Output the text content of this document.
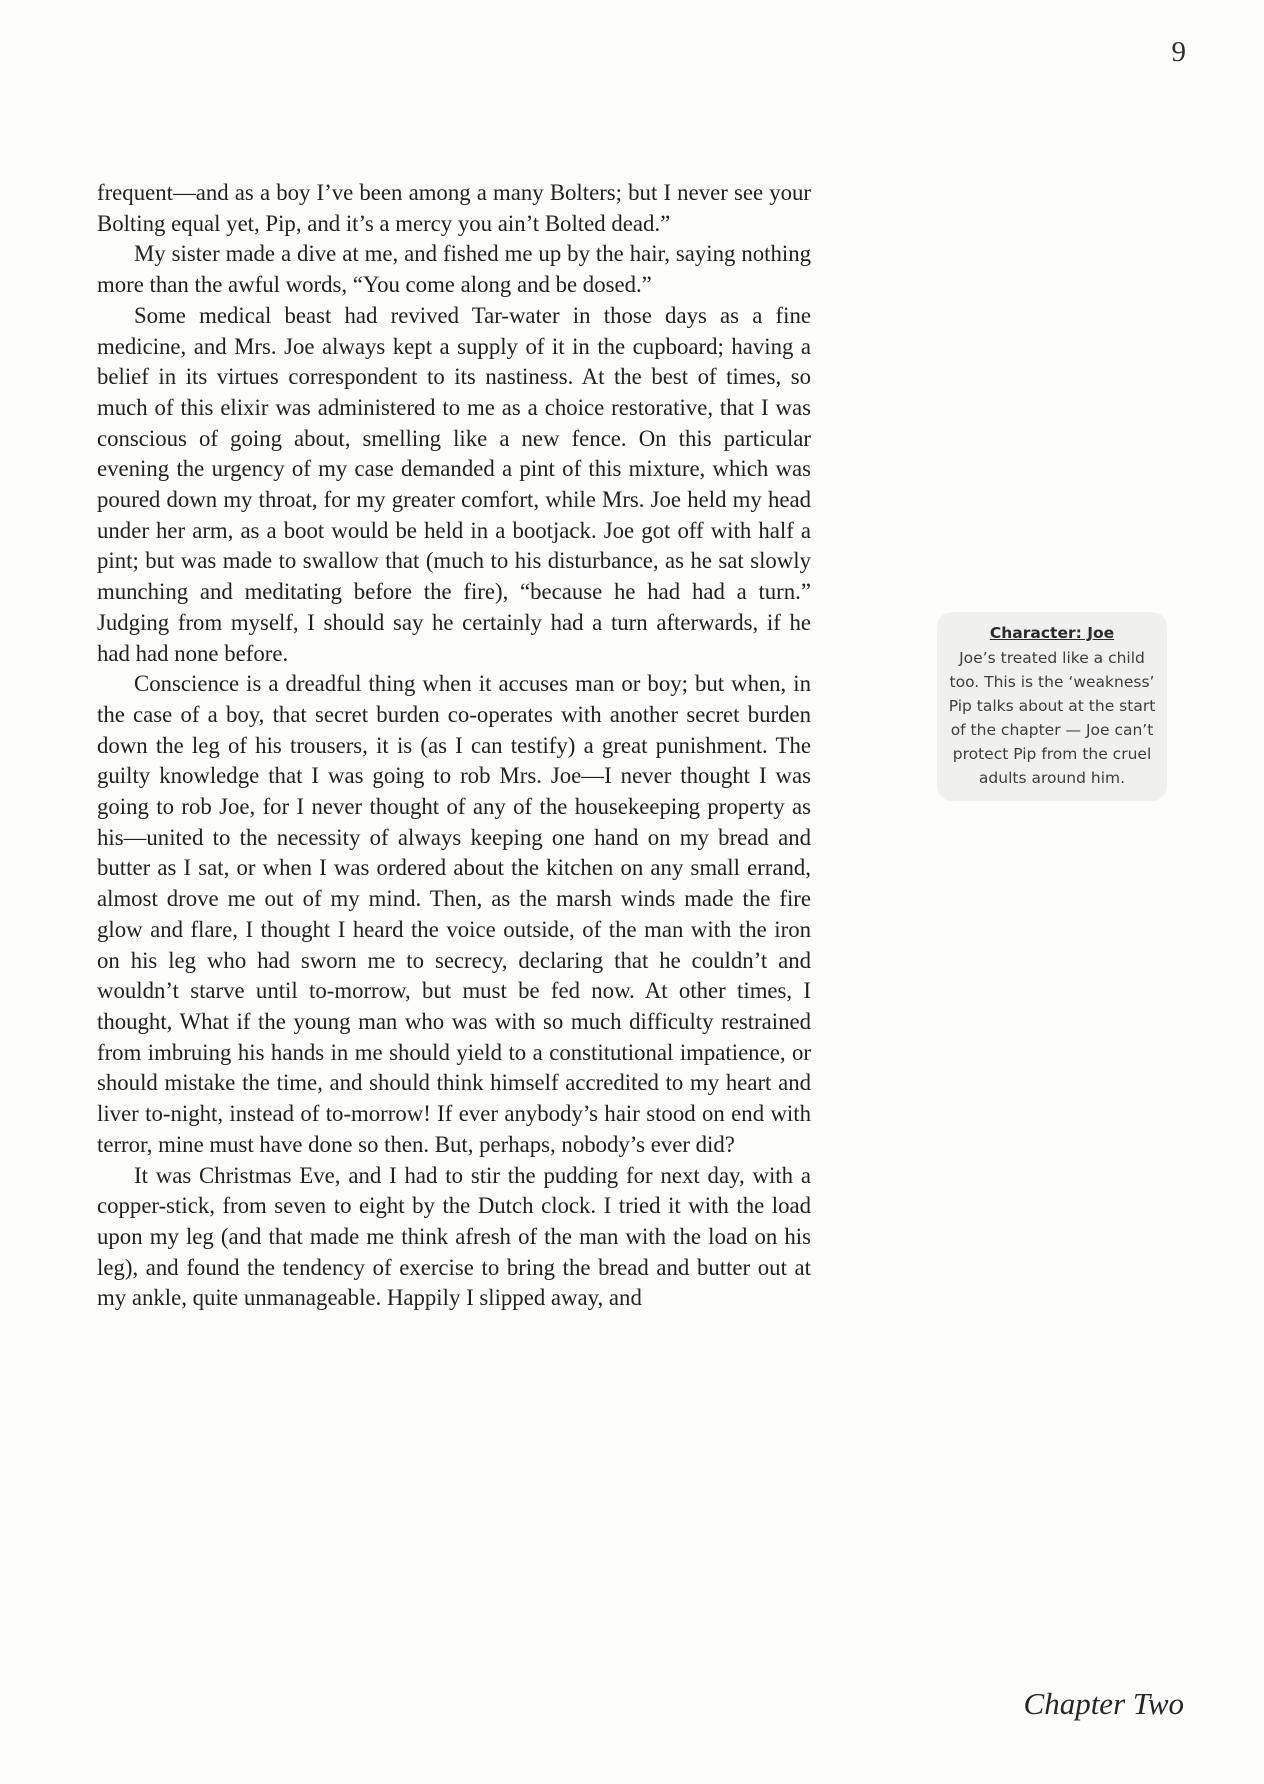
9

frequent—and as a boy I’ve been among a many Bolters; but I never see your Bolting equal yet, Pip, and it’s a mercy you ain’t Bolted dead.”

My sister made a dive at me, and fished me up by the hair, saying nothing more than the awful words, “You come along and be dosed.”

Some medical beast had revived Tar-water in those days as a fine medicine, and Mrs. Joe always kept a supply of it in the cupboard; having a belief in its virtues correspondent to its nastiness. At the best of times, so much of this elixir was administered to me as a choice restorative, that I was conscious of going about, smelling like a new fence. On this particular evening the urgency of my case demanded a pint of this mixture, which was poured down my throat, for my greater comfort, while Mrs. Joe held my head under her arm, as a boot would be held in a bootjack. Joe got off with half a pint; but was made to swallow that (much to his disturbance, as he sat slowly munching and meditating before the fire), “because he had had a turn.” Judging from myself, I should say he certainly had a turn afterwards, if he had had none before.

Conscience is a dreadful thing when it accuses man or boy; but when, in the case of a boy, that secret burden co-operates with another secret burden down the leg of his trousers, it is (as I can testify) a great punishment. The guilty knowledge that I was going to rob Mrs. Joe—I never thought I was going to rob Joe, for I never thought of any of the housekeeping property as his—united to the necessity of always keeping one hand on my bread and butter as I sat, or when I was ordered about the kitchen on any small errand, almost drove me out of my mind. Then, as the marsh winds made the fire glow and flare, I thought I heard the voice outside, of the man with the iron on his leg who had sworn me to secrecy, declaring that he couldn’t and wouldn’t starve until to-morrow, but must be fed now. At other times, I thought, What if the young man who was with so much difficulty restrained from imbruing his hands in me should yield to a constitutional impatience, or should mistake the time, and should think himself accredited to my heart and liver to-night, instead of to-morrow! If ever anybody’s hair stood on end with terror, mine must have done so then. But, perhaps, nobody’s ever did?

It was Christmas Eve, and I had to stir the pudding for next day, with a copper-stick, from seven to eight by the Dutch clock. I tried it with the load upon my leg (and that made me think afresh of the man with the load on his leg), and found the tendency of exercise to bring the bread and butter out at my ankle, quite unmanageable. Happily I slipped away, and

Character: Joe
Joe’s treated like a child too. This is the ‘weakness’ Pip talks about at the start of the chapter — Joe can’t protect Pip from the cruel adults around him.
Chapter Two
